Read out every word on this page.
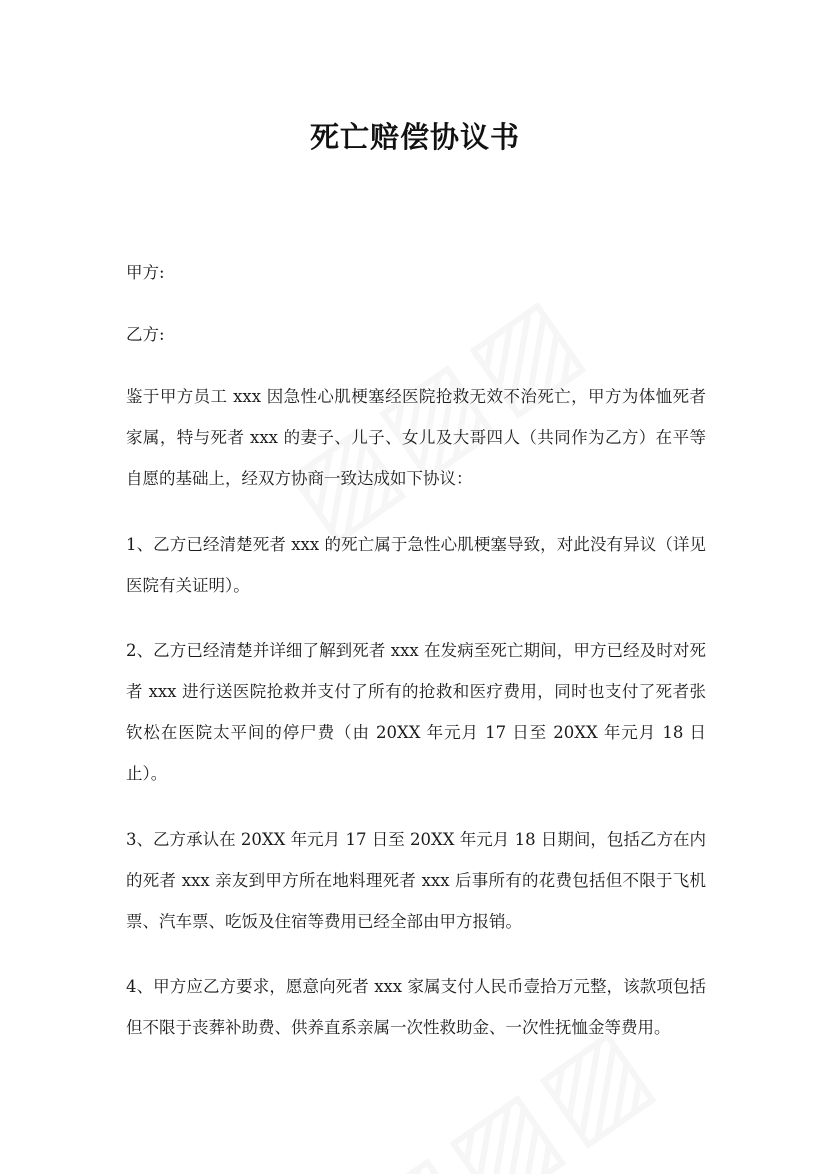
死亡赔偿协议书

甲方:

乙方:

鉴于甲方员工 xxx 因急性心肌梗塞经医院抢救无效不治死亡，甲方为体恤死者家属，特与死者 xxx 的妻子、儿子、女儿及大哥四人（共同作为乙方）在平等自愿的基础上，经双方协商一致达成如下协议：

1、乙方已经清楚死者 xxx 的死亡属于急性心肌梗塞导致，对此没有异议（详见医院有关证明）。

2、乙方已经清楚并详细了解到死者 xxx 在发病至死亡期间，甲方已经及时对死者 xxx 进行送医院抢救并支付了所有的抢救和医疗费用，同时也支付了死者张钦松在医院太平间的停尸费（由 20XX 年元月 17 日至 20XX 年元月 18 日止）。

3、乙方承认在 20XX 年元月 17 日至 20XX 年元月 18 日期间，包括乙方在内的死者 xxx 亲友到甲方所在地料理死者 xxx 后事所有的花费包括但不限于飞机票、汽车票、吃饭及住宿等费用已经全部由甲方报销。

4、甲方应乙方要求，愿意向死者 xxx 家属支付人民币壹拾万元整，该款项包括但不限于丧葬补助费、供养直系亲属一次性救助金、一次性抚恤金等费用。
